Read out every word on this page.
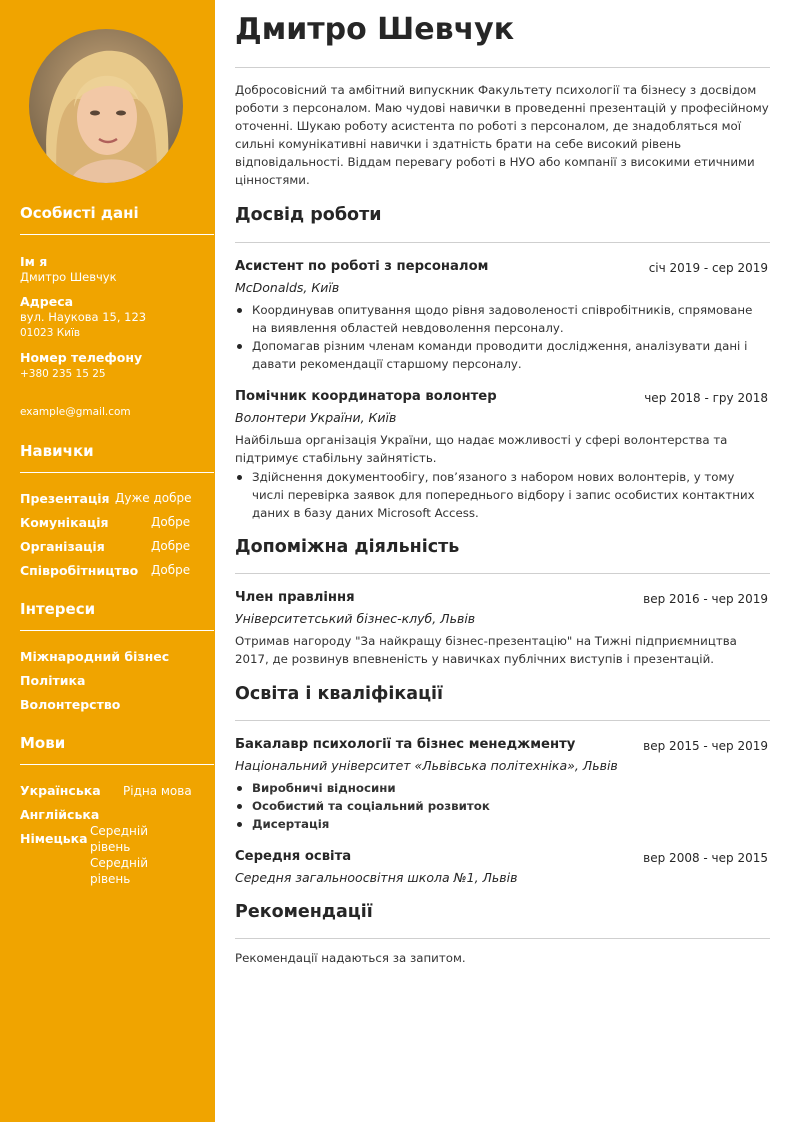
Особисті дані
Ім я
Дмитро Шевчук
Адреса
вул. Наукова 15, 123
01023 Київ
Номер телефону
+380 235 15 25
example@gmail.com
Навички
Презентація Дуже добре
Комунікація	Добре
Організація	Добре
Співробітництво Добре
Інтереси
Міжнародний бізнес
Політика
Волонтерство
Мови
Українська Рідна мова
Англійська
Середній рівень
Німецька
Середній рівень
Дмитро Шевчук
Добросовісний та амбітний випускник Факультету психології та бізнесу з досвідом роботи з персоналом. Маю чудові навички в проведенні презентацій у професійному оточенні. Шукаю роботу асистента по роботі з персоналом, де знадобляться мої сильні комунікативні навички і здатність брати на себе високий рівень відповідальності. Віддам перевагу роботі в НУО або компанії з високими етичними цінностями.
Досвід роботи
Асистент по роботі з персоналом	січ 2019 - сер 2019
McDonalds, Київ
Координував опитування щодо рівня задоволеності співробітників, спрямоване на виявлення областей невдоволення персоналу.
Допомагав різним членам команди проводити дослідження, аналізувати дані і давати рекомендації старшому персоналу.
Помічник координатора волонтер	чер 2018 - гру 2018
Волонтери України, Київ
Найбільша організація України, що надає можливості у сфері волонтерства та підтримує стабільну зайнятість.
Здійснення документообігу, пов’язаного з набором нових волонтерів, у тому числі перевірка заявок для попереднього відбору і запис особистих контактних даних в базу даних Microsoft Access.
Допоміжна діяльність
Член правління	вер 2016 - чер 2019
Університетський бізнес-клуб, Львів
Отримав нагороду "За найкращу бізнес-презентацію" на Тижні підприємництва 2017, де розвинув впевненість у навичках публічних виступів і презентацій.
Освіта і кваліфікації
Бакалавр психології та бізнес менеджменту	вер 2015 - чер 2019
Національний університет «Львівська політехніка», Львів
Виробничі відносини
Особистий та соціальний розвиток
Дисертація
Середня освіта	вер 2008 - чер 2015
Середня загальноосвітня школа №1, Львів
Рекомендації
Рекомендації надаються за запитом.
